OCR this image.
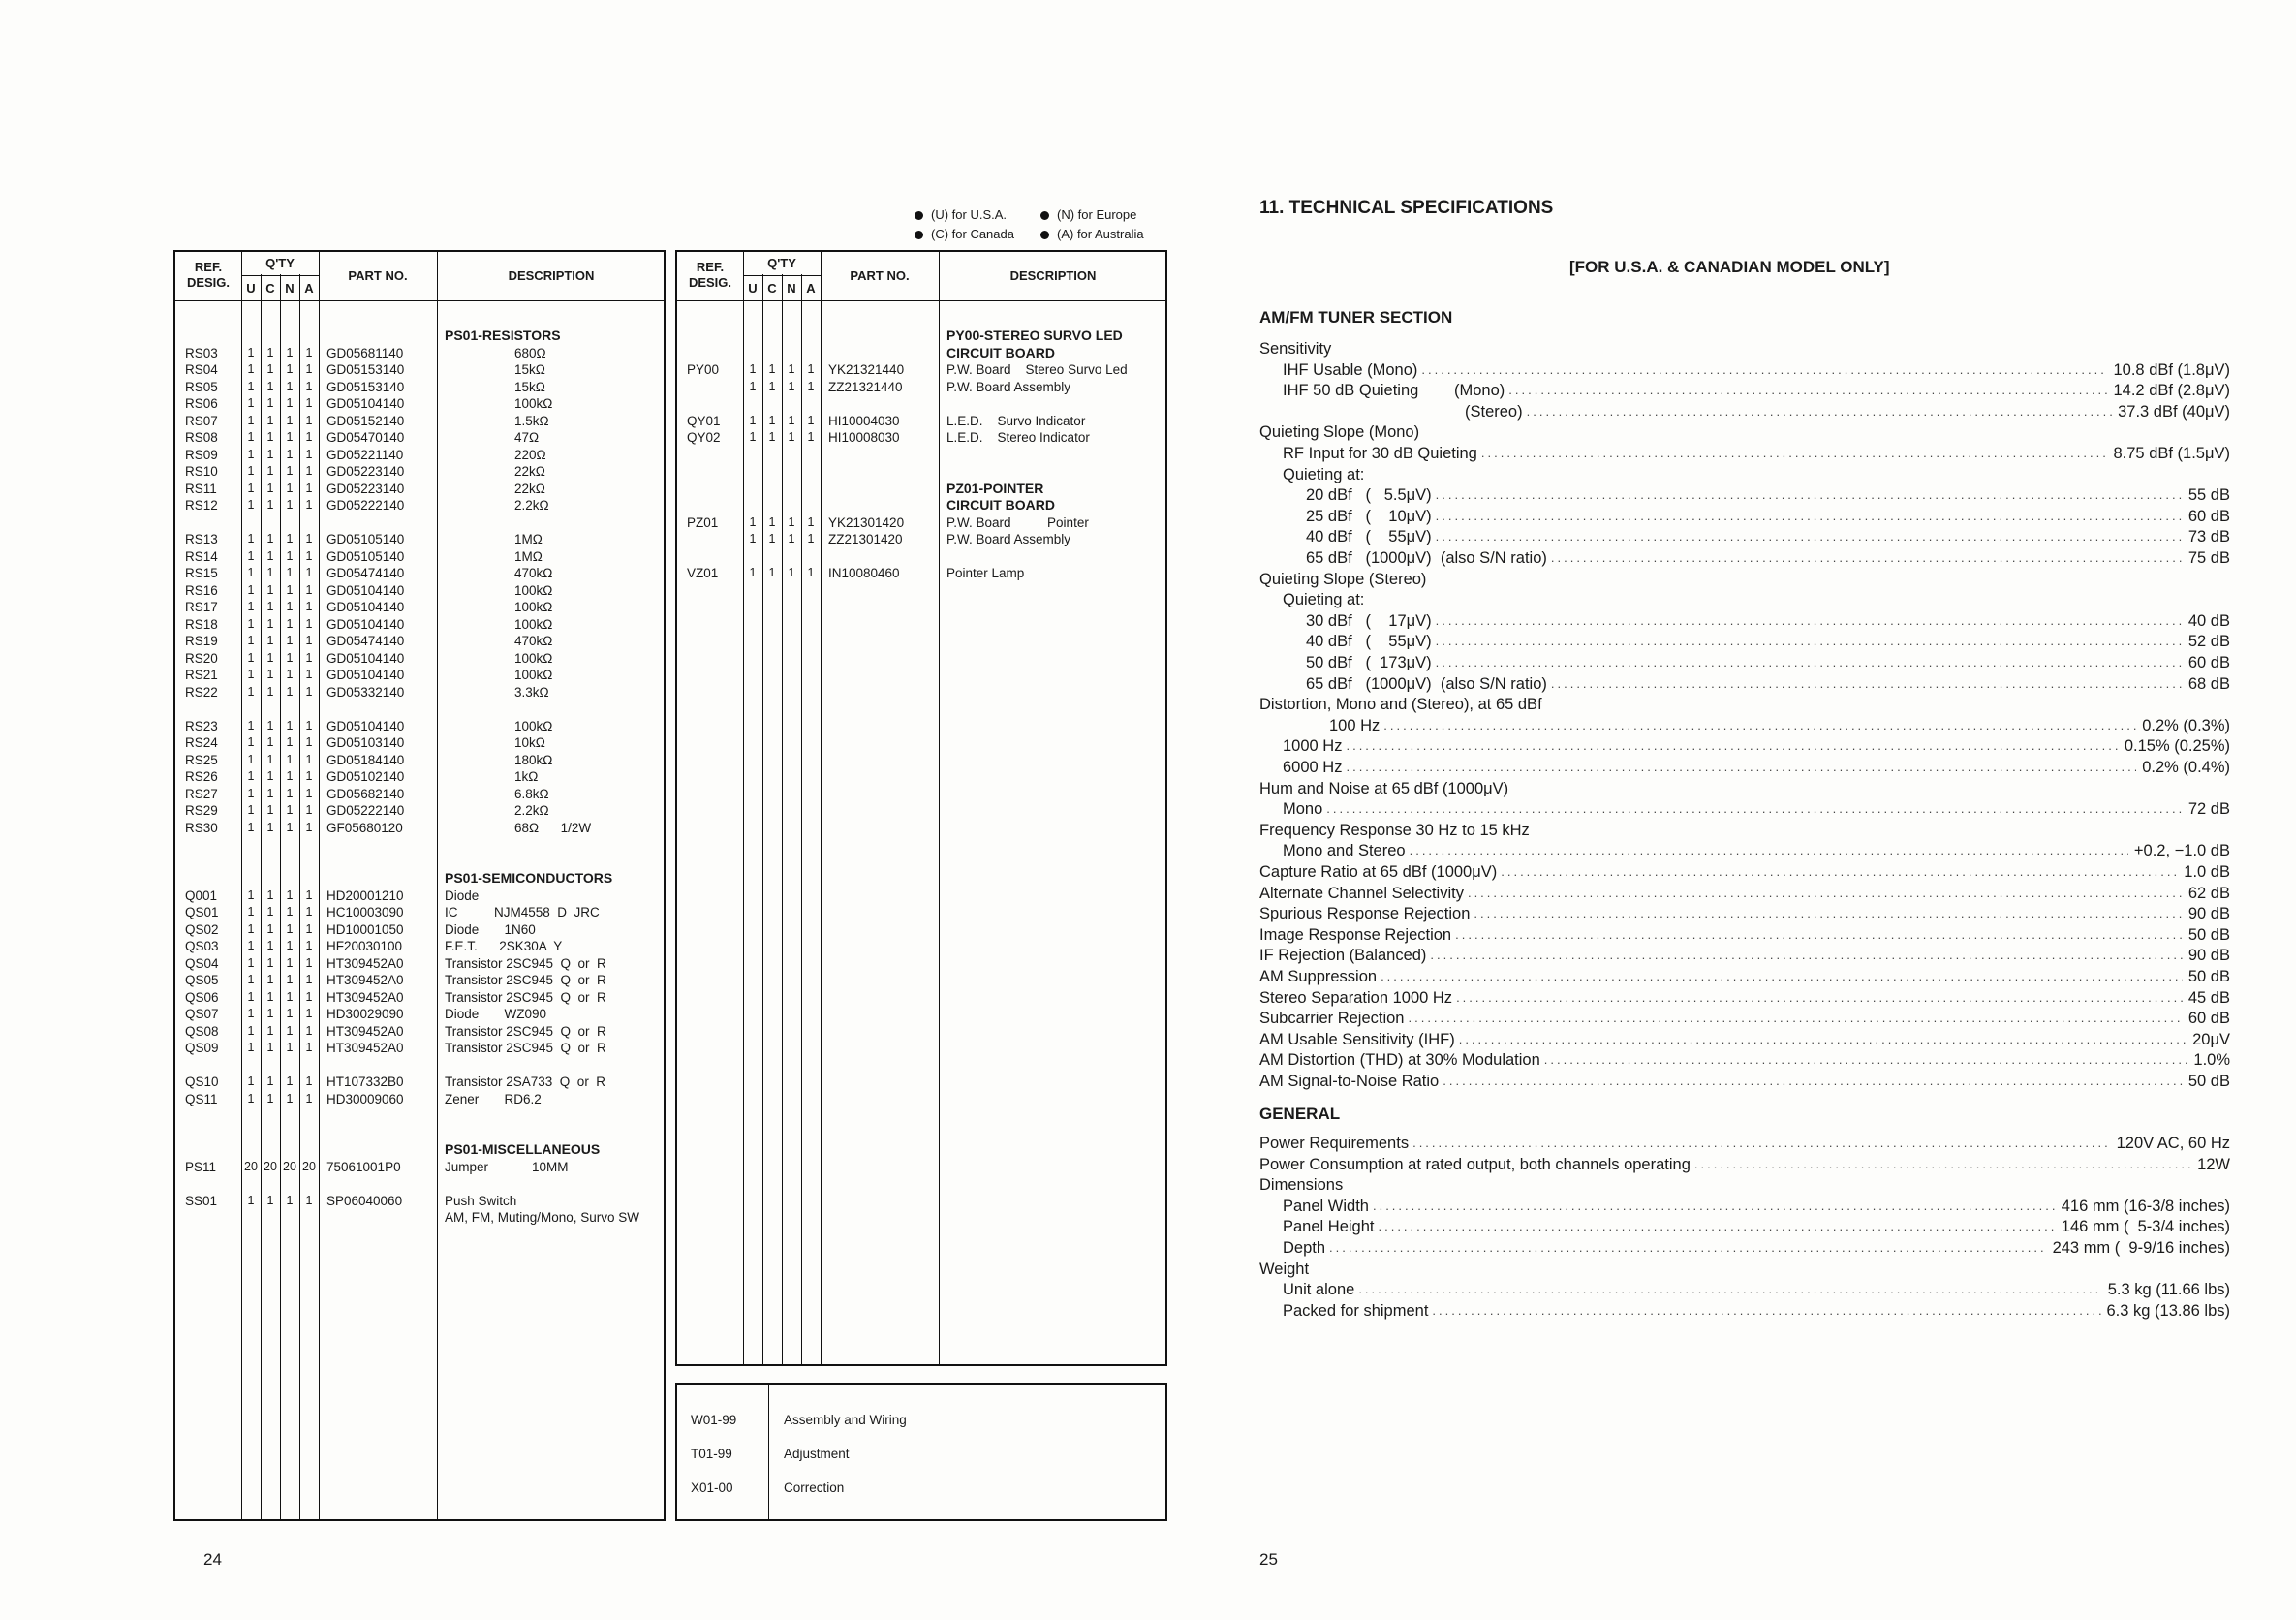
(U) for U.S.A.	(N) for Europe
(C) for Canada	(A) for Australia
REF.
DESIG.
Q'TY
U C N A
PART NO.	DESCRIPTION
PS01-RESISTORS
RS03	1	1	1	1	GD05681140	680Ω
RS04	1	1	1	1	GD05153140	15kΩ
RS05	1	1	1	1	GD05153140	15kΩ
RS06	1	1	1	1	GD05104140	100kΩ
RS07	1	1	1	1	GD05152140	1.5kΩ
RS08	1	1	1	1	GD05470140	47Ω
RS09	1	1	1	1	GD05221140	220Ω
RS10	1	1	1	1	GD05223140	22kΩ
RS11	1	1	1	1	GD05223140	22kΩ
RS12	1	1	1	1	GD05222140	2.2kΩ
RS13	1	1	1	1	GD05105140	1MΩ
RS14	1	1	1	1	GD05105140	1MΩ
RS15	1	1	1	1	GD05474140	470kΩ
RS16	1	1	1	1	GD05104140	100kΩ
RS17	1	1	1	1	GD05104140	100kΩ
RS18	1	1	1	1	GD05104140	100kΩ
RS19	1	1	1	1	GD05474140	470kΩ
RS20	1	1	1	1	GD05104140	100kΩ
RS21	1	1	1	1	GD05104140	100kΩ
RS22	1	1	1	1	GD05332140	3.3kΩ
RS23	1	1	1	1	GD05104140	100kΩ
RS24	1	1	1	1	GD05103140	10kΩ
RS25	1	1	1	1	GD05184140	180kΩ
RS26	1	1	1	1	GD05102140	1kΩ
RS27	1	1	1	1	GD05682140	6.8kΩ
RS29	1	1	1	1	GD05222140	2.2kΩ
RS30	1	1	1	1	GF05680120	68Ω      1/2W
PS01-SEMICONDUCTORS
Q001	1	1	1	1	HD20001210	Diode
QS01	1	1	1	1	HC10003090	IC          NJM4558  D  JRC
QS02	1	1	1	1	HD10001050	Diode       1N60
QS03	1	1	1	1	HF20030100	F.E.T.      2SK30A  Y
QS04	1	1	1	1	HT309452A0	Transistor 2SC945  Q  or  R
QS05	1	1	1	1	HT309452A0	Transistor 2SC945  Q  or  R
QS06	1	1	1	1	HT309452A0	Transistor 2SC945  Q  or  R
QS07	1	1	1	1	HD30029090	Diode       WZ090
QS08	1	1	1	1	HT309452A0	Transistor 2SC945  Q  or  R
QS09	1	1	1	1	HT309452A0	Transistor 2SC945  Q  or  R
QS10	1	1	1	1	HT107332B0	Transistor 2SA733  Q  or  R
QS11	1	1	1	1	HD30009060	Zener       RD6.2
PS01-MISCELLANEOUS
PS11 20 20 20 20 75061001P0	Jumper            10MM
SS01	1	1	1	1	SP06040060	Push Switch
AM, FM, Muting/Mono, Survo SW
REF.
DESIG.
Q'TY
U C N A
PART NO.	DESCRIPTION
PY00-STEREO SURVO LED
CIRCUIT BOARD
PY00	1	1	1	1	YK21321440	P.W. Board    Stereo Survo Led
1	1	1	1	ZZ21321440	P.W. Board Assembly
QY01	1	1	1	1	HI10004030	L.E.D.    Survo Indicator
QY02	1	1	1	1	HI10008030	L.E.D.    Stereo Indicator
PZ01-POINTER
CIRCUIT BOARD
PZ01	1	1	1	1	YK21301420	P.W. Board          Pointer
1	1	1	1	ZZ21301420	P.W. Board Assembly
VZ01	1	1	1	1	IN10080460	Pointer Lamp
W01-99	Assembly and Wiring
T01-99	Adjustment
X01-00	Correction
24	25
11. TECHNICAL SPECIFICATIONS
[FOR U.S.A. & CANADIAN MODEL ONLY]
AM/FM TUNER SECTION
Sensitivity
IHF Usable (Mono) .....	10.8 dBf (1.8μV)
IHF 50 dB Quieting        (Mono) .....	14.2 dBf (2.8μV)
(Stereo) .....	37.3 dBf (40μV)
Quieting Slope (Mono)
RF Input for 30 dB Quieting .....	8.75 dBf (1.5μV)
Quieting at:
20 dBf   (   5.5μV) .....	55 dB
25 dBf   (    10μV) .....	60 dB
40 dBf   (    55μV) .....	73 dB
65 dBf   (1000μV)  (also S/N ratio) .....	75 dB
Quieting Slope (Stereo)
Quieting at:
30 dBf   (    17μV) .....	40 dB
40 dBf   (    55μV) .....	52 dB
50 dBf   (  173μV) .....	60 dB
65 dBf   (1000μV)  (also S/N ratio) .....	68 dB
Distortion, Mono and (Stereo), at 65 dBf
100 Hz .....	0.2% (0.3%)
1000 Hz .....	0.15% (0.25%)
6000 Hz .....	0.2% (0.4%)
Hum and Noise at 65 dBf (1000μV)
Mono .....	72 dB
Frequency Response 30 Hz to 15 kHz
Mono and Stereo .....	+0.2, −1.0 dB
Capture Ratio at 65 dBf (1000μV) .....	1.0 dB
Alternate Channel Selectivity .....	62 dB
Spurious Response Rejection .....	90 dB
Image Response Rejection .....	50 dB
IF Rejection (Balanced) .....	90 dB
AM Suppression .....	50 dB
Stereo Separation 1000 Hz .....	45 dB
Subcarrier Rejection .....	60 dB
AM Usable Sensitivity (IHF) .....	20μV
AM Distortion (THD) at 30% Modulation .....	1.0%
AM Signal-to-Noise Ratio .....	50 dB
GENERAL
Power Requirements .....	120V AC, 60 Hz
Power Consumption at rated output, both channels operating .....	12W
Dimensions
Panel Width .....	416 mm (16-3/8 inches)
Panel Height .....	146 mm (  5-3/4 inches)
Depth .....	243 mm (  9-9/16 inches)
Weight
Unit alone .....	5.3 kg (11.66 lbs)
Packed for shipment .....	6.3 kg (13.86 lbs)
